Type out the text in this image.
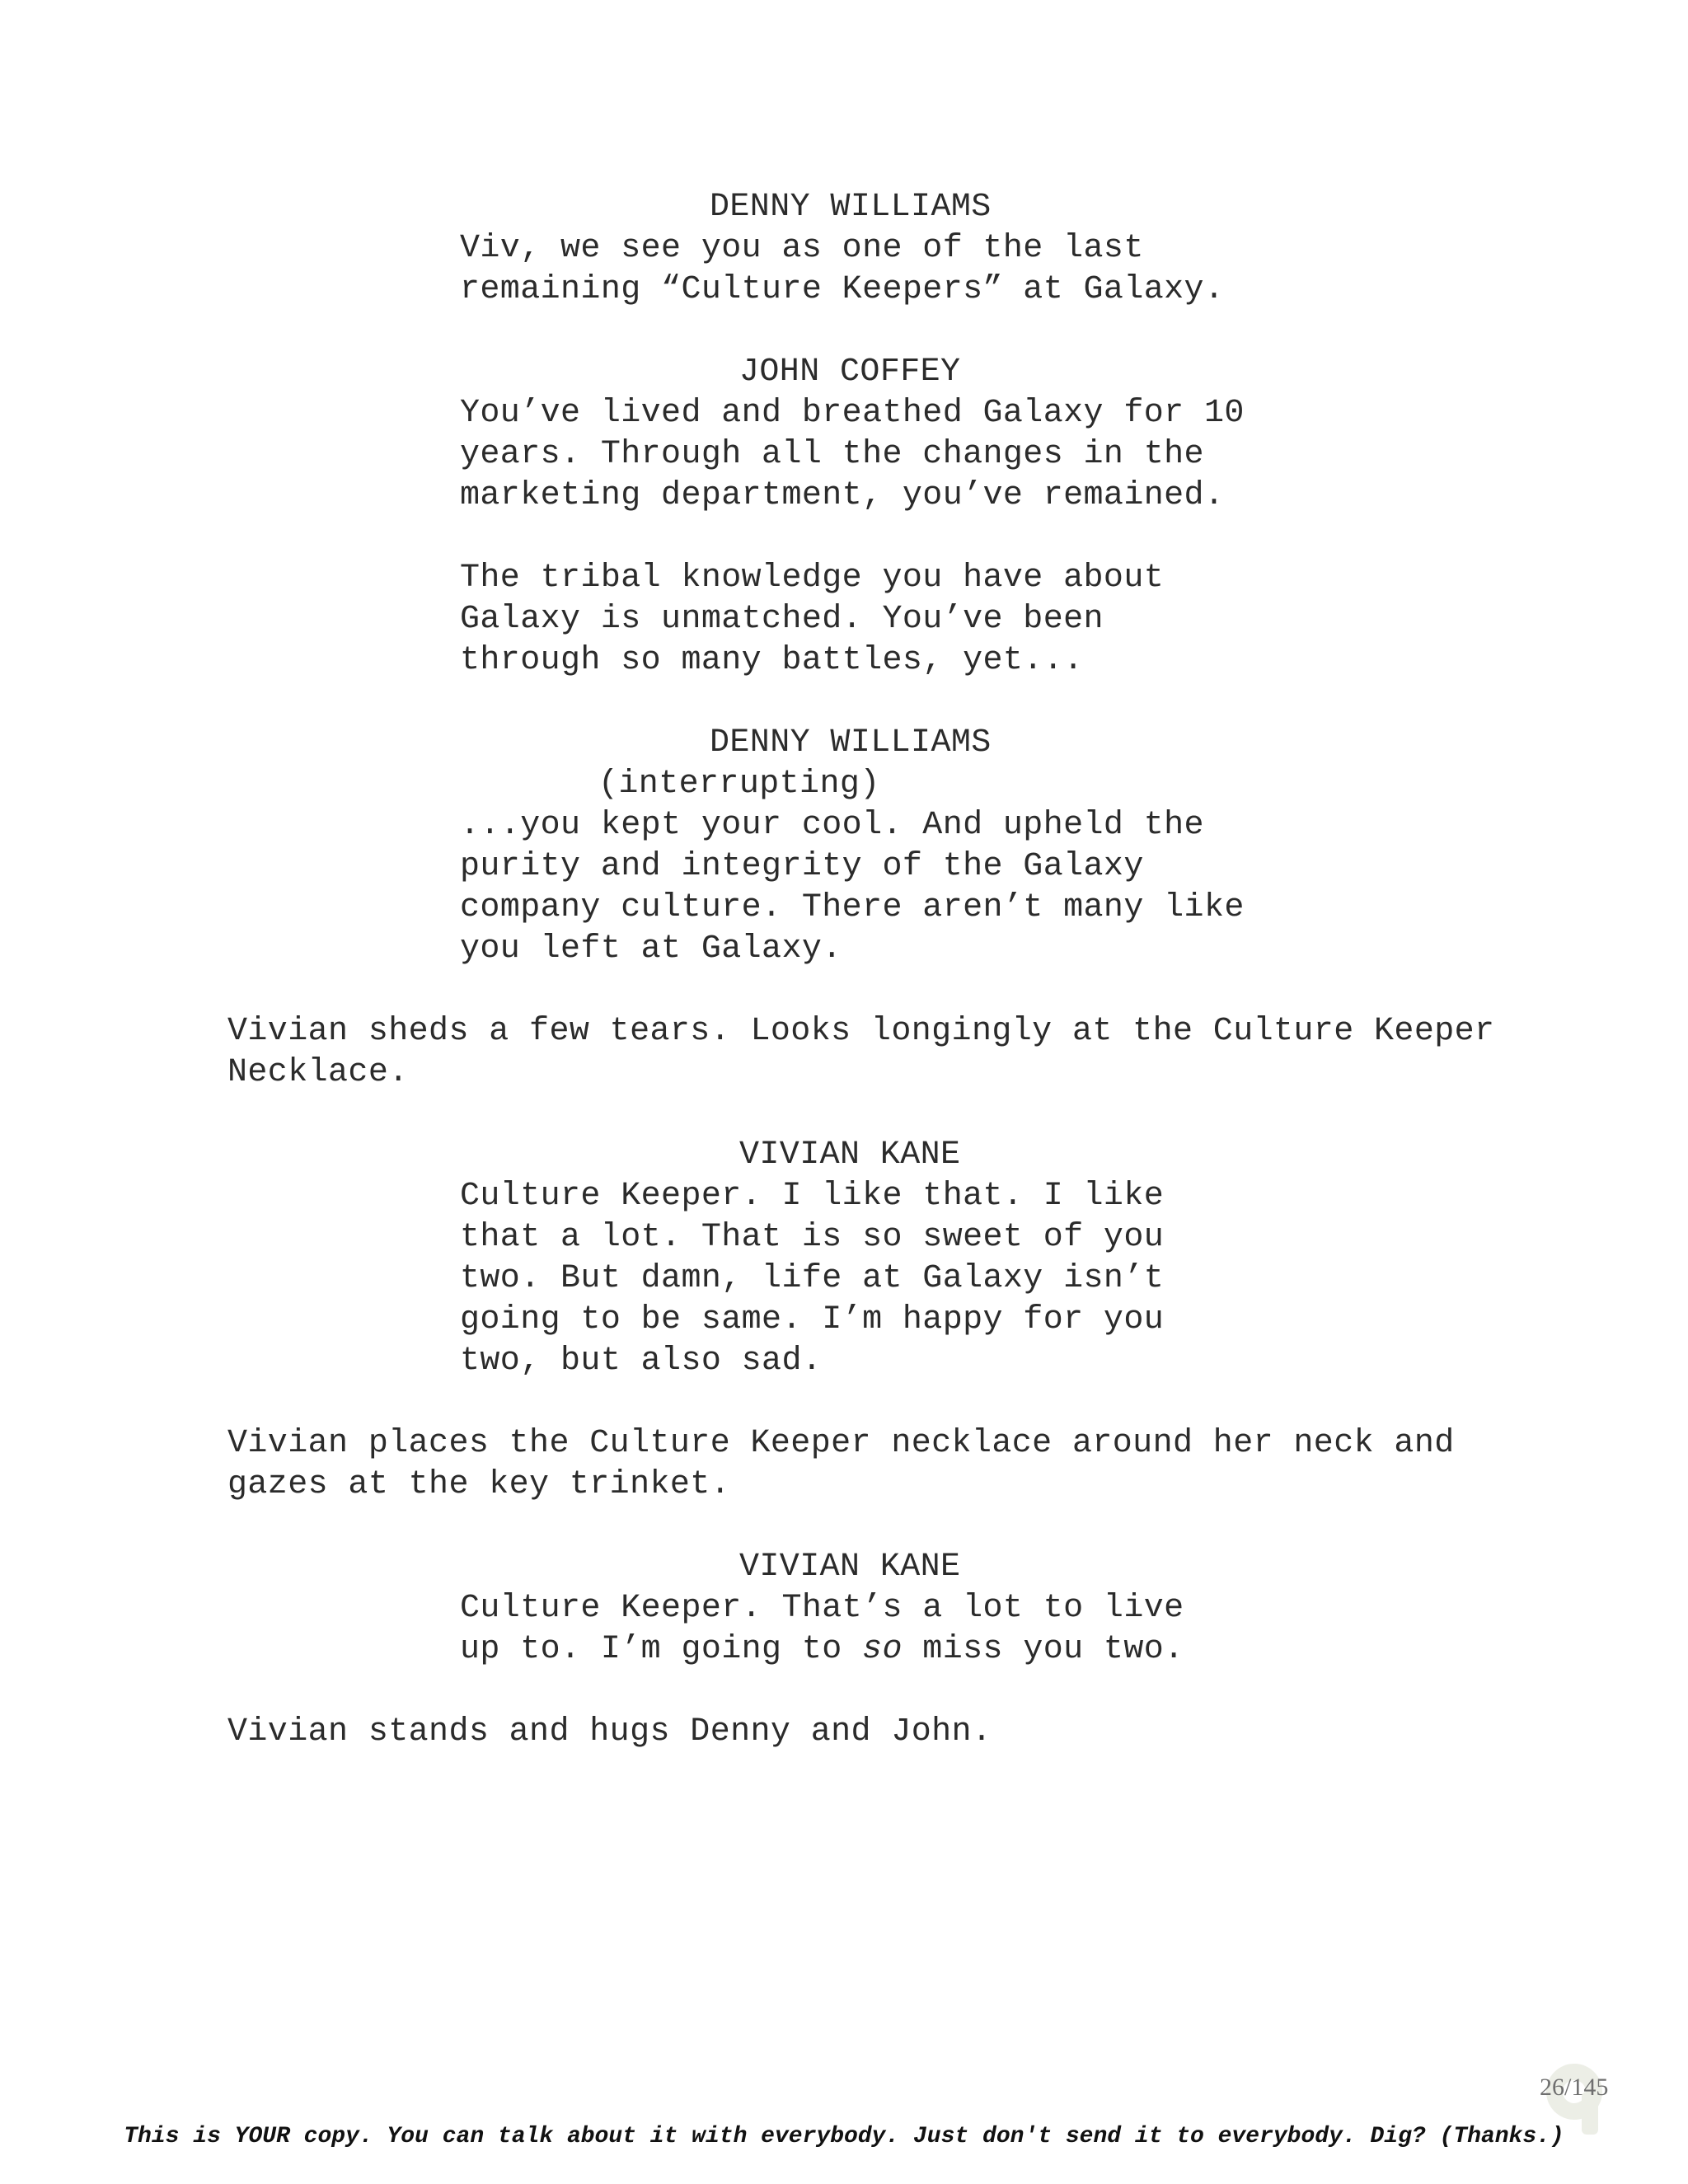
DENNY WILLIAMS
Viv, we see you as one of the last
remaining “Culture Keepers” at Galaxy.
JOHN COFFEY
You’ve lived and breathed Galaxy for 10
years. Through all the changes in the
marketing department, you’ve remained.
The tribal knowledge you have about
Galaxy is unmatched. You’ve been
through so many battles, yet...
DENNY WILLIAMS
(interrupting)
...you kept your cool. And upheld the
purity and integrity of the Galaxy
company culture. There aren’t many like
you left at Galaxy.
Vivian sheds a few tears. Looks longingly at the Culture Keeper
Necklace.
VIVIAN KANE
Culture Keeper. I like that. I like
that a lot. That is so sweet of you
two. But damn, life at Galaxy isn’t
going to be same. I’m happy for you
two, but also sad.
Vivian places the Culture Keeper necklace around her neck and
gazes at the key trinket.
VIVIAN KANE
Culture Keeper. That’s a lot to live
up to. I’m going to so miss you two.
Vivian stands and hugs Denny and John.
26/145
This is YOUR copy. You can talk about it with everybody. Just don't send it to everybody. Dig? (Thanks.)
